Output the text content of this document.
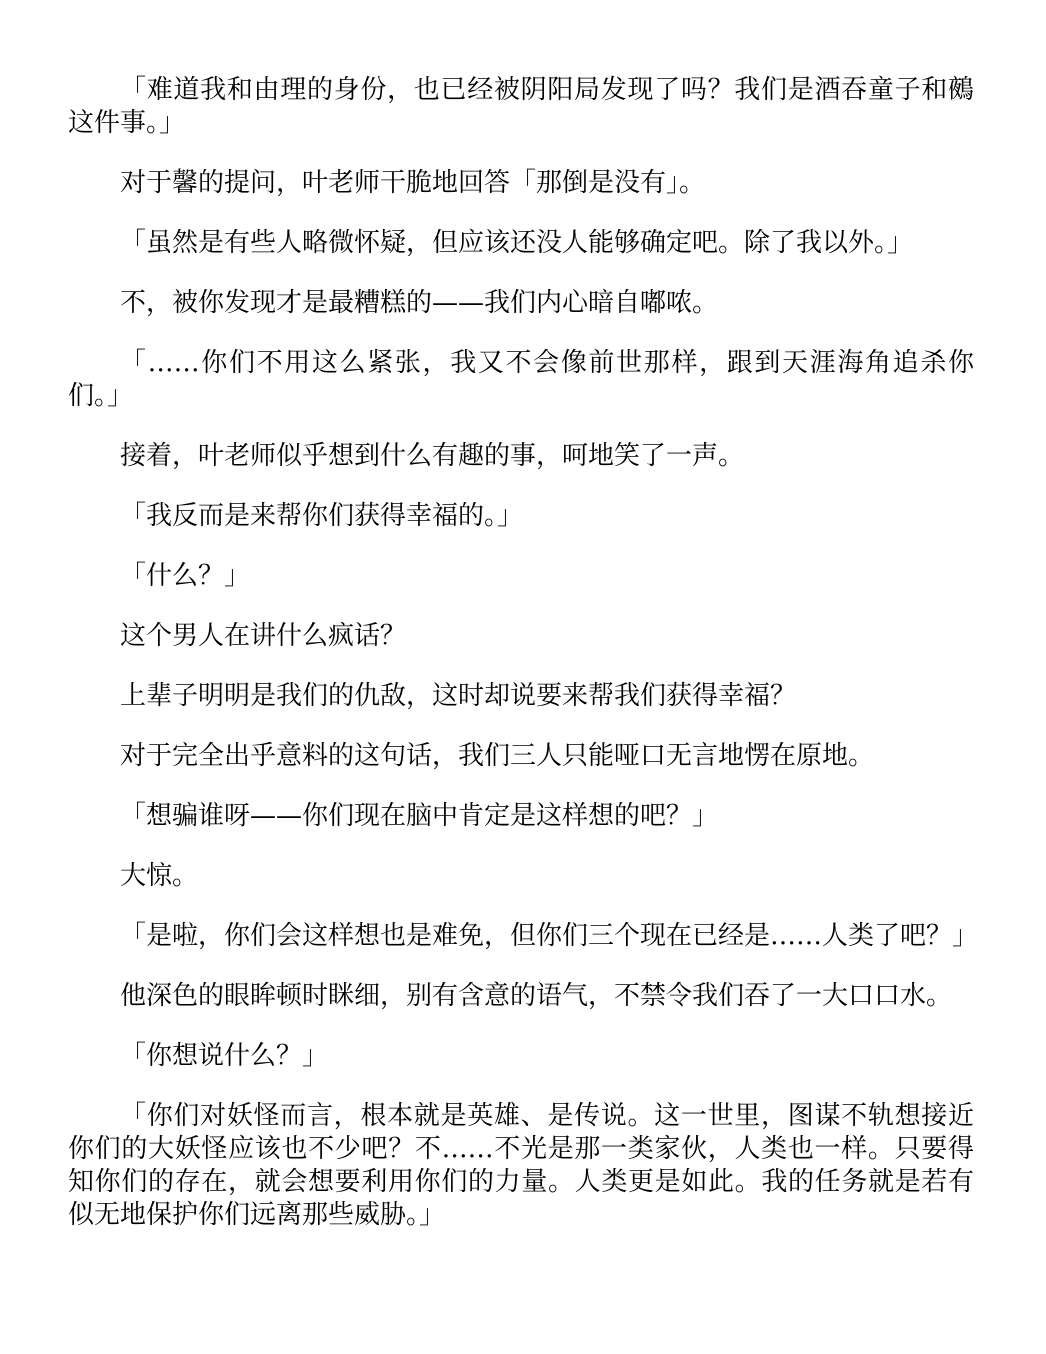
「难道我和由理的身份，也已经被阴阳局发现了吗？我们是酒吞童子和鵺这件事。」

对于馨的提问，叶老师干脆地回答「那倒是没有」。

「虽然是有些人略微怀疑，但应该还没人能够确定吧。除了我以外。」

不，被你发现才是最糟糕的——我们内心暗自嘟哝。

「……你们不用这么紧张，我又不会像前世那样，跟到天涯海角追杀你们。」

接着，叶老师似乎想到什么有趣的事，呵地笑了一声。

「我反而是来帮你们获得幸福的。」

「什么？」

这个男人在讲什么疯话？

上辈子明明是我们的仇敌，这时却说要来帮我们获得幸福？

对于完全出乎意料的这句话，我们三人只能哑口无言地愣在原地。

「想骗谁呀——你们现在脑中肯定是这样想的吧？」

大惊。

「是啦，你们会这样想也是难免，但你们三个现在已经是……人类了吧？」

他深色的眼眸顿时眯细，别有含意的语气，不禁令我们吞了一大口口水。

「你想说什么？」

「你们对妖怪而言，根本就是英雄、是传说。这一世里，图谋不轨想接近你们的大妖怪应该也不少吧？不……不光是那一类家伙，人类也一样。只要得知你们的存在，就会想要利用你们的力量。人类更是如此。我的任务就是若有似无地保护你们远离那些威胁。」
